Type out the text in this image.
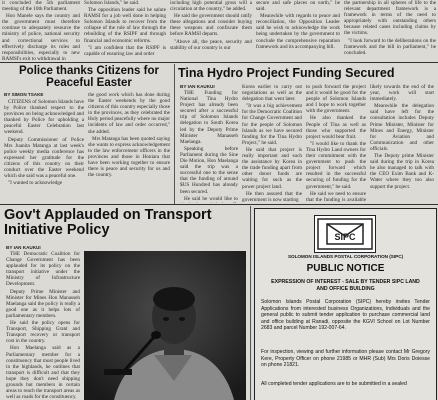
it concluded the 5th parliament meeting of the 10th Parliament.

Hon Manele says the country and the government must therefore continue to adequately resource the ministry of police, national security and correctional services to effectively discharge its roles and responsibilities, especially to new RAMSI's exit to withdrawal in

Solomon Islands," he said.

The opposition leader said he salute RAMSI for a job well done in helping Solomon Islands to recover from the collapse of the rule of law through the rebuilding of the RSIPF and through financial and economic reforms.

"I am confident that the RSIPF is capable of ensuring law and order

including high potential gross will a circulation at the country," he added.

He said the government should ratify these allegations and consider buying these weapons and confiscate them before RAMSI departs.

"Above all, the peace, security and stability of our country is our

secure and safe places on earth," he said.

Meanwhile with regards to peace and reconciliation, the Opposition Leader said he wish to acknowledge the work being undertaken by the government to conclude the comprehensive reparation framework and its accompanying bill.

the partnership in all spheres of life to the relevant department framework is a framework in terms of the need to appropriately with outstanding others because related cases including claims by the victims.

"I look forward to the deliberations on the framework and the bill in parliament," he concluded.

Police thanks Citizens for Peaceful Easter
BY SIMON TSAKE

CITIZENS of Solomon Islands have by Police thanked respect to the provinces on being acknowledged and thanked by Police for upholding a peaceful Easter Celebration last weekend.

Deputy Commissioner of Police Mrs Juanita Matanga at last week's police weekly media conference has expressed her gratitude for the citizens of this country on their conduct over the Easter weekend which she said was a peaceful one.

"I wanted to acknowledge

the good work which has done during the Easter weekends by the good citizens of this country especially those in the provinces, as they celebrated the Holy period peacefully where no major incidents of law and order occurred," she added.

Mrs Matanga has been quoted saying she wants to express acknowledgement to the law enforcement officers in the provinces and those in Honiara that have been working together to ensure there is peace and security for us and the country.

Tina Hydro Project Funding Secured
BY IAN KAUKUI

THE Funding for National Tina Hydro Project has already been secured after a successful trip of Solomon Islands delegation to South Korea led by the Deputy Prime Minister Manasseh Maelanga.

Speaking before Parliament during the Sine Die Motion, Hon Maelanga said the trip was a successful one to the sense that the funding of around $US Hundred has already been secured.

He said he would like to

Korea earlier to carry out negotiations as well as the delegation that went later.

"It was a big achievement for the Democratic Coalition for Change Government and for the people of Solomon Islands as we have secured funding for the Tina Hydro Project," he said.

He said that project is really important and such the assistance by Korea in the trade funding apart from other donor funds are waiting for such as the power project land.

He then assured that the government is now starting

to push forward the project and it would be good for the people of Solomon Islands and I hope to work together with the government.

He also thanked the People of Tina as well as those who supported the project would bear fruit.

"I would like to thank the Tina Hydro Land owners for their commitment with the government to push the project forward which resulted in the successful securing of funding for the government," he said.

He said we need to ensure that the funding is available

likely towards the end of the year, work will start immediately.

Meanwhile the delegation said have left for the consultation includes Deputy Prime Minister, Minister for Mines and Energy, Minister for Aviation and Communication and other officials.

The Deputy prime Minister said during the trip in Korea he also managed to talk with the CEO Exim Bank and K-Water where they too also support the project.

Gov't Applauded on Transport Initiative Policy
BY IAN KAUKUI

THE Democratic Coalition for Change Government has been applauded for its policy on the transport initiative under the Ministry of Infrastructure Development.

Deputy Prime Minister and Minister for Mines Hon Manasseh Maelanga said the policy is really a good one as it helps lots of parliamentary members.

He said the policy opens for Transport, Shipping Grant and Transport recovery or transport cost in the country.

Hon Maelanga said as a Parliamentary member for a constituency that most people lived in the highlands, he outlines that transport is difficult and that they hope they don't need shipping grounds but members in certain areas to reach the transport areas as well as roads for the constituency.

SIPC
SOLOMON ISLANDS POSTAL CORPORATION (SIPC)
PUBLIC NOTICE
EXPRESSION OF INTEREST - SALE BY TENDER SIPC LAND
AND OFFICE BUILDING
Solomon Islands Postal Corporation (SIPC) hereby invites Tender Applications from interested business Organizations, Individuals and the general public to submit tender application to purchase commercial land and office building at Ranadi, opposite the KGVI School on Lot Number 2683 and parcel Number 192-007-64.
For inspection, viewing and further information please contact Mr Gregory Kere, Property Officer on phone 21985 or MHR (Sub) Mrs Doris Doiesse on phone 21821.
All completed tender applications are to be submitted in a sealed
